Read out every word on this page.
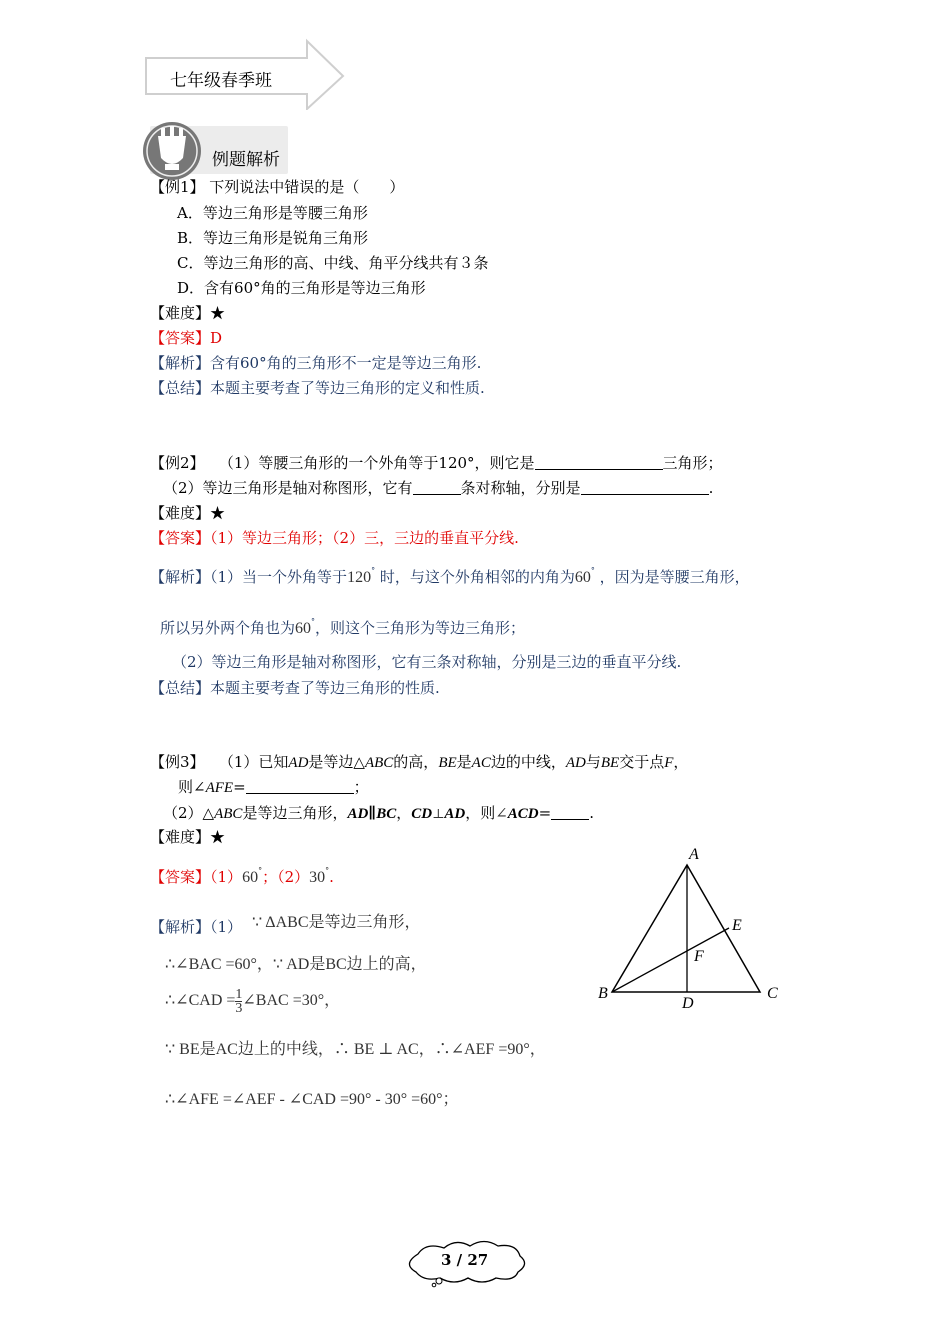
七年级春季班
例题解析
【例1】 下列说法中错误的是（　　）
A．等边三角形是等腰三角形
B．等边三角形是锐角三角形
C．等边三角形的高、中线、角平分线共有３条
D．含有60°角的三角形是等边三角形
【难度】★
【答案】D
【解析】含有60°角的三角形不一定是等边三角形.
【总结】本题主要考查了等边三角形的定义和性质.
【例2】 （1）等腰三角形的一个外角等于120°，则它是	三角形；
（2）等边三角形是轴对称图形，它有	条对称轴，分别是	.
【难度】★
【答案】（1）等边三角形；（2）三，三边的垂直平分线.
【解析】（1）当一个外角等于120° 时，与这个外角相邻的内角为60° ，因为是等腰三角形，
所以另外两个角也为60°，则这个三角形为等边三角形；
（2）等边三角形是轴对称图形，它有三条对称轴，分别是三边的垂直平分线.
【总结】本题主要考查了等边三角形的性质.
【例3】 （1）已知AD是等边△ABC的高，BE是AC边的中线，AD与BE交于点F，
则∠AFE=	；
（2）△ABC是等边三角形，AD∥BC，CD⊥AD，则∠ACD=	.
【难度】★
【答案】（1）60°；（2）30°.
【解析】（1） ∵ ΔABC是等边三角形，
∴∠BAC =60°，∵ AD是BC边上的高，
∴∠CAD = $\frac{1}{3}$ ∠BAC =30°，
∵ BE是AC边上的中线，∴ BE ⊥ AC，∴∠AEF =90°，
∴∠AFE =∠AEF - ∠CAD =90° - 30° =60°；
A
B	C
D
E
F
3 / 27
